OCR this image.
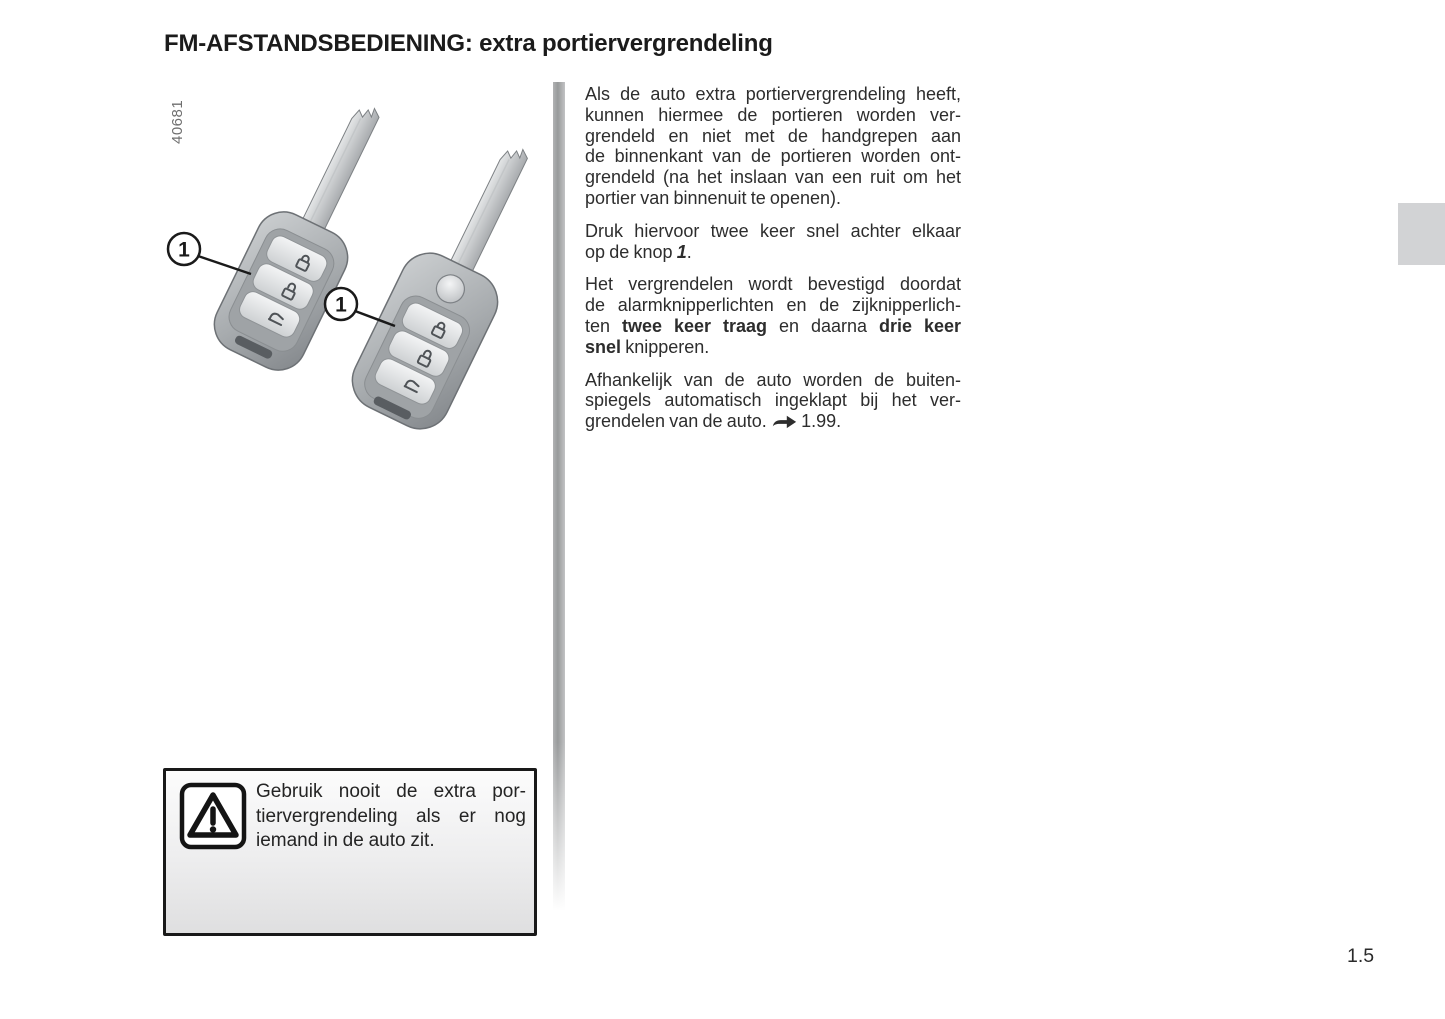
FM-AFSTANDSBEDIENING: extra portiervergrendeling
40681
1
1
Als de auto extra portiervergrendeling heeft,
kunnen hiermee de portieren worden ver-
grendeld en niet met de handgrepen aan
de binnenkant van de portieren worden ont-
grendeld (na het inslaan van een ruit om het
portier van binnenuit te openen).
Druk hiervoor twee keer snel achter elkaar
op de knop 1.
Het vergrendelen wordt bevestigd doordat
de alarmknipperlichten en de zijknipperlich-
ten twee keer traag en daarna drie keer
snel knipperen.
Afhankelijk van de auto worden de buiten-
spiegels automatisch ingeklapt bij het ver-
grendelen van de auto.  1.99.
Gebruik nooit de extra por-
tiervergrendeling als er nog
iemand in de auto zit.
1.5
